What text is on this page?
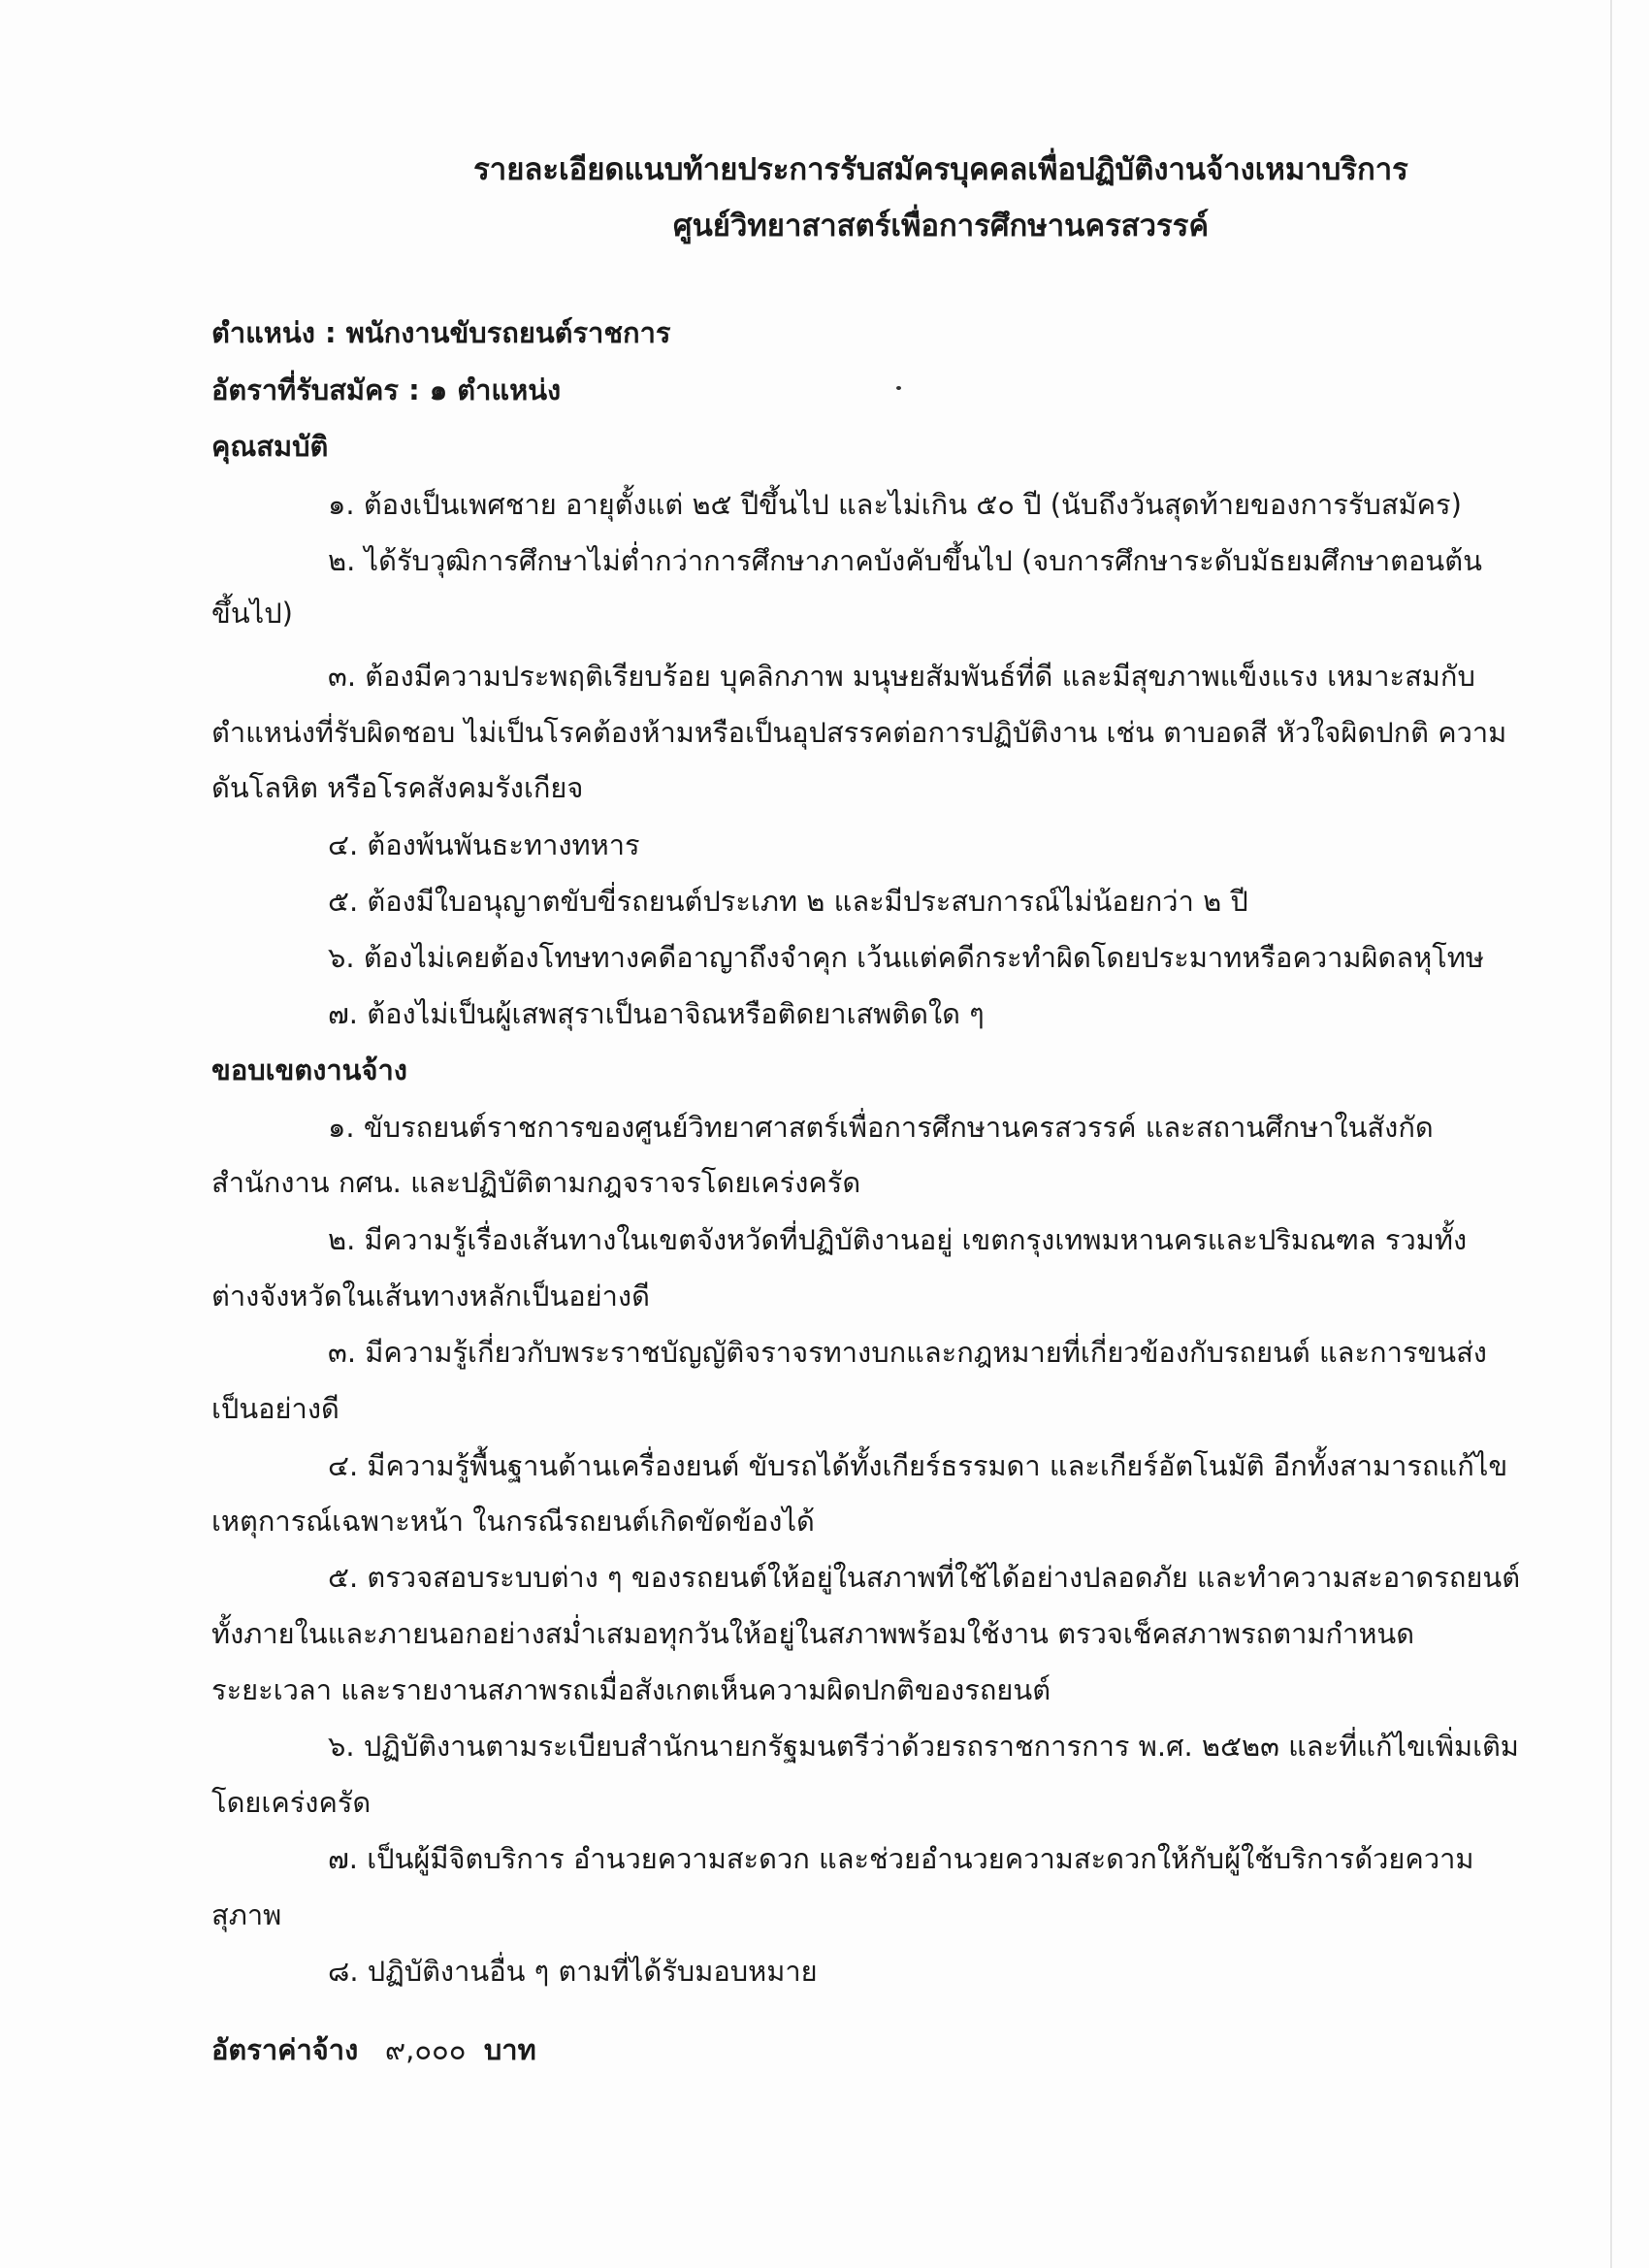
รายละเอียดแนบท้ายประการรับสมัครบุคคลเพื่อปฏิบัติงานจ้างเหมาบริการ
ศูนย์วิทยาสาสตร์เพื่อการศึกษานครสวรรค์
ตำแหน่ง : พนักงานขับรถยนต์ราชการ
อัตราที่รับสมัคร : ๑ ตำแหน่ง
คุณสมบัติ
๑. ต้องเป็นเพศชาย อายุตั้งแต่ ๒๕ ปีขึ้นไป และไม่เกิน ๕๐ ปี (นับถึงวันสุดท้ายของการรับสมัคร)
๒. ได้รับวุฒิการศึกษาไม่ต่ำกว่าการศึกษาภาคบังคับขึ้นไป (จบการศึกษาระดับมัธยมศึกษาตอนต้น
ขึ้นไป)
๓. ต้องมีความประพฤติเรียบร้อย บุคลิกภาพ มนุษยสัมพันธ์ที่ดี และมีสุขภาพแข็งแรง เหมาะสมกับ
ตำแหน่งที่รับผิดชอบ ไม่เป็นโรคต้องห้ามหรือเป็นอุปสรรคต่อการปฏิบัติงาน เช่น ตาบอดสี หัวใจผิดปกติ ความ
ดันโลหิต หรือโรคสังคมรังเกียจ
๔. ต้องพ้นพันธะทางทหาร
๕. ต้องมีใบอนุญาตขับขี่รถยนต์ประเภท ๒ และมีประสบการณ์ไม่น้อยกว่า ๒ ปี
๖. ต้องไม่เคยต้องโทษทางคดีอาญาถึงจำคุก เว้นแต่คดีกระทำผิดโดยประมาทหรือความผิดลหุโทษ
๗. ต้องไม่เป็นผู้เสพสุราเป็นอาจิณหรือติดยาเสพติดใด ๆ
ขอบเขตงานจ้าง
๑. ขับรถยนต์ราชการของศูนย์วิทยาศาสตร์เพื่อการศึกษานครสวรรค์ และสถานศึกษาในสังกัด
สำนักงาน กศน. และปฏิบัติตามกฎจราจรโดยเคร่งครัด
๒. มีความรู้เรื่องเส้นทางในเขตจังหวัดที่ปฏิบัติงานอยู่ เขตกรุงเทพมหานครและปริมณฑล รวมทั้ง
ต่างจังหวัดในเส้นทางหลักเป็นอย่างดี
๓. มีความรู้เกี่ยวกับพระราชบัญญัติจราจรทางบกและกฎหมายที่เกี่ยวข้องกับรถยนต์ และการขนส่ง
เป็นอย่างดี
๔. มีความรู้พื้นฐานด้านเครื่องยนต์ ขับรถได้ทั้งเกียร์ธรรมดา และเกียร์อัตโนมัติ อีกทั้งสามารถแก้ไข
เหตุการณ์เฉพาะหน้า ในกรณีรถยนต์เกิดขัดข้องได้
๕. ตรวจสอบระบบต่าง ๆ ของรถยนต์ให้อยู่ในสภาพที่ใช้ได้อย่างปลอดภัย และทำความสะอาดรถยนต์
ทั้งภายในและภายนอกอย่างสม่ำเสมอทุกวันให้อยู่ในสภาพพร้อมใช้งาน ตรวจเช็คสภาพรถตามกำหนด
ระยะเวลา และรายงานสภาพรถเมื่อสังเกตเห็นความผิดปกติของรถยนต์
๖. ปฏิบัติงานตามระเบียบสำนักนายกรัฐมนตรีว่าด้วยรถราชการการ พ.ศ. ๒๕๒๓ และที่แก้ไขเพิ่มเติม
โดยเคร่งครัด
๗. เป็นผู้มีจิตบริการ อำนวยความสะดวก และช่วยอำนวยความสะดวกให้กับผู้ใช้บริการด้วยความ
สุภาพ
๘. ปฏิบัติงานอื่น ๆ ตามที่ได้รับมอบหมาย
อัตราค่าจ้าง ๙,๐๐๐ บาท
